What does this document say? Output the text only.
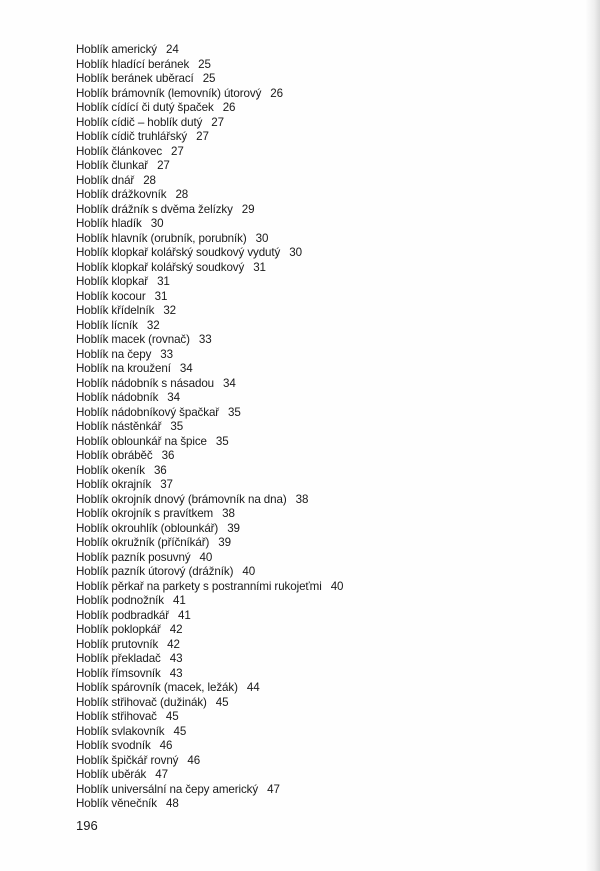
Hoblík americký 24
Hoblík hladící beránek 25
Hoblík beránek uběrací 25
Hoblík brámovník (lemovník) útorový 26
Hoblík cídící či dutý špaček 26
Hoblík cídič – hoblík dutý 27
Hoblík cídič truhlářský 27
Hoblík článkovec 27
Hoblík člunkař 27
Hoblík dnář 28
Hoblík drážkovník 28
Hoblík drážník s dvěma želízky 29
Hoblík hladík 30
Hoblík hlavník (orubník, porubník) 30
Hoblík klopkař kolářský soudkový vydutý 30
Hoblík klopkař kolářský soudkový 31
Hoblík klopkař 31
Hoblík kocour 31
Hoblík křídelník 32
Hoblík lícník 32
Hoblík macek (rovnač) 33
Hoblík na čepy 33
Hoblík na kroužení 34
Hoblík nádobník s násadou 34
Hoblík nádobník 34
Hoblík nádobníkový špačkař 35
Hoblík nástěnkář 35
Hoblík oblounkář na špice 35
Hoblík obráběč 36
Hoblík okeník 36
Hoblík okrajník 37
Hoblík okrojník dnový (brámovník na dna) 38
Hoblík okrojník s pravítkem 38
Hoblík okrouhlík (oblounkář) 39
Hoblík okružník (příčníkář) 39
Hoblík pazník posuvný 40
Hoblík pazník útorový (drážník) 40
Hoblík pěrkař na parkety s postranními rukojeťmi 40
Hoblík podnožník 41
Hoblík podbradkář 41
Hoblík poklopkář 42
Hoblík prutovník 42
Hoblík překladač 43
Hoblík římsovník 43
Hoblík spárovník (macek, ležák) 44
Hoblík střihovač (dužinák) 45
Hoblík střihovač 45
Hoblík svlakovník 45
Hoblík svodník 46
Hoblík špičkář rovný 46
Hoblík uběrák 47
Hoblík universální na čepy americký 47
Hoblík věnečník 48
196
